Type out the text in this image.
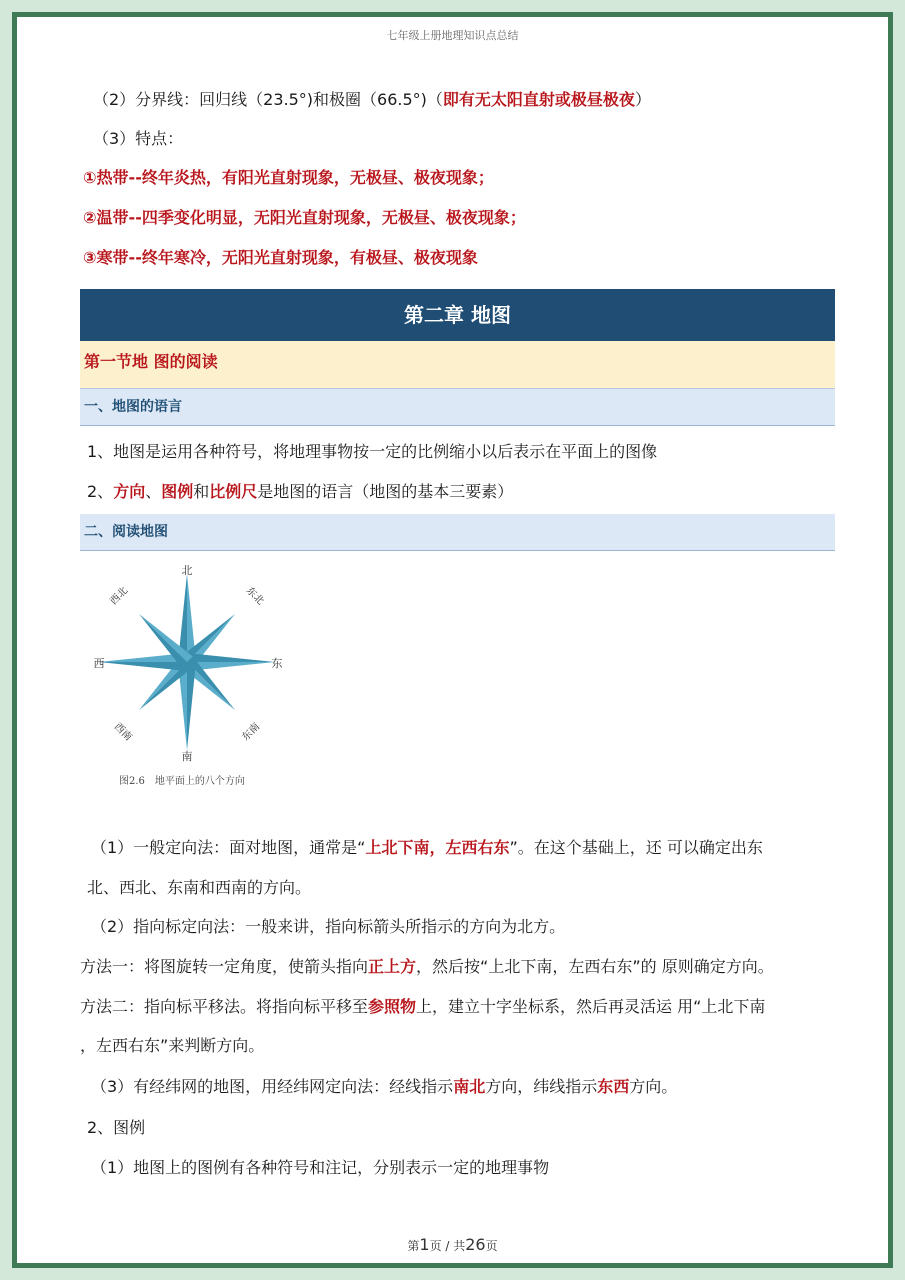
七年级上册地理知识点总结
（2）分界线：回归线（23.5°)和极圈（66.5°)（即有无太阳直射或极昼极夜）
（3）特点：
①热带--终年炎热，有阳光直射现象，无极昼、极夜现象；
②温带--四季变化明显，无阳光直射现象，无极昼、极夜现象；
③寒带--终年寒冷，无阳光直射现象，有极昼、极夜现象
第二章 地图
第一节地 图的阅读
一、地图的语言
1、地图是运用各种符号，将地理事物按一定的比例缩小以后表示在平面上的图像
2、方向、图例和比例尺是地图的语言（地图的基本三要素）
二、阅读地图
北
南
东
西
东北
西北
东南
西南
图2.6　地平面上的八个方向
（1）一般定向法：面对地图，通常是“上北下南，左西右东”。在这个基础上，还 可以确定出东
北、西北、东南和西南的方向。
（2）指向标定向法：一般来讲，指向标箭头所指示的方向为北方。
方法一：将图旋转一定角度，使箭头指向正上方，然后按“上北下南，左西右东”的 原则确定方向。
方法二：指向标平移法。将指向标平移至参照物上，建立十字坐标系，然后再灵活运 用“上北下南
，左西右东”来判断方向。
（3）有经纬网的地图，用经纬网定向法：经线指示南北方向，纬线指示东西方向。
2、图例
（1）地图上的图例有各种符号和注记，分别表示一定的地理事物
第1页 / 共26页
